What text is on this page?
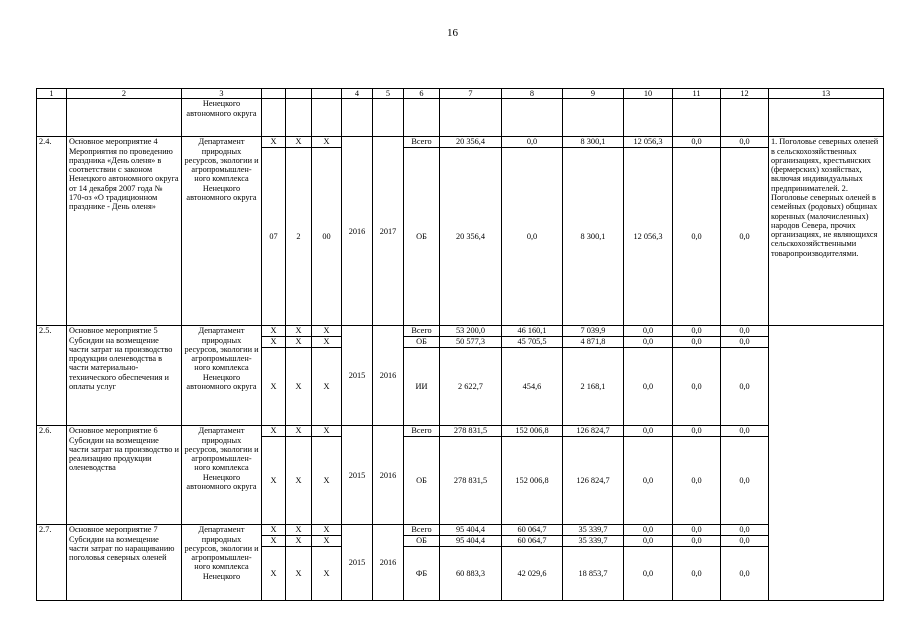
16
1	2	3				4	5	6	7	8	9	10	11	12	13
		Ненецкого автономного округа													
2.4.	Основное мероприятие 4 Мероприятия по проведению праздника «День оленя» в соответствии с законом Ненецкого автономного округа от 14 декабря 2007 года № 170-оз «О традиционном празднике - День оленя»	Департамент природных ресурсов, экологии и агропромышлен-ного комплекса Ненецкого автономного округа	X	X	X	2016	2017	Всего	20 356,4	0,0	8 300,1	12 056,3	0,0	0,0	1. Поголовье северных оленей в сельскохозяйственных организациях, крестьянских (фермерских) хозяйствах, включая индивидуальных предпринимателей. 2. Поголовье северных оленей в семейных (родовых) общинах коренных (малочисленных) народов Севера, прочих организациях, не являющихся сельскохозяйственными товаропроизводителями.
			07	2	00			ОБ	20 356,4	0,0	8 300,1	12 056,3	0,0	0,0	
2.5.	Основное мероприятие 5 Субсидии на возмещение части затрат на производство продукции оленеводства в части материально-технического обеспечения и оплаты услуг	Департамент природных ресурсов, экологии и агропромышлен-ного комплекса Ненецкого автономного округа	X	X	X	2015	2016	Всего	53 200,0	46 160,1	7 039,9	0,0	0,0	0,0	
			X	X	X			ОБ	50 577,3	45 705,5	4 871,8	0,0	0,0	0,0	
			X	X	X			ИИ	2 622,7	454,6	2 168,1	0,0	0,0	0,0	
2.6.	Основное мероприятие 6 Субсидии на возмещение части затрат на производство и реализацию продукции оленеводства	Департамент природных ресурсов, экологии и агропромышлен-ного комплекса Ненецкого автономного округа	X	X	X	2015	2016	Всего	278 831,5	152 006,8	126 824,7	0,0	0,0	0,0	
			X	X	X			ОБ	278 831,5	152 006,8	126 824,7	0,0	0,0	0,0	
2.7.	Основное мероприятие 7 Субсидии на возмещение части затрат по наращиванию поголовья северных оленей	Департамент природных ресурсов, экологии и агропромышлен-ного комплекса Ненецкого	X	X	X	2015	2016	Всего	95 404,4	60 064,7	35 339,7	0,0	0,0	0,0	
			X	X	X			ОБ	95 404,4	60 064,7	35 339,7	0,0	0,0	0,0	
			X	X	X			ФБ	60 883,3	42 029,6	18 853,7	0,0	0,0	0,0	
